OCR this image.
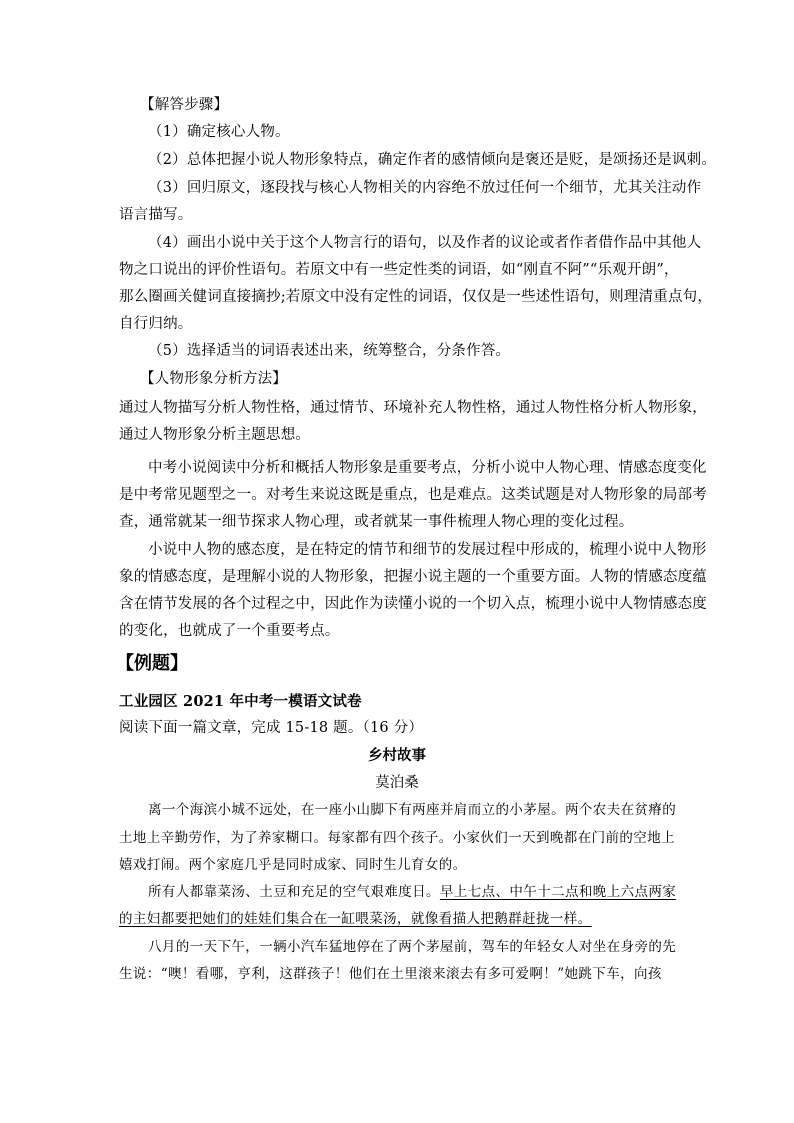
【解答步骤】
（1）确定核心人物。
（2）总体把握小说人物形象特点，确定作者的感情倾向是褒还是贬，是颂扬还是讽刺。
（3）回归原文，逐段找与核心人物相关的内容绝不放过任何一个细节，尤其关注动作
语言描写。
（4）画出小说中关于这个人物言行的语句，以及作者的议论或者作者借作品中其他人
物之口说出的评价性语句。若原文中有一些定性类的词语，如“刚直不阿”“乐观开朗”，
那么圈画关健词直接摘抄;若原文中没有定性的词语，仅仅是一些述性语句，则理清重点句，
自行归纳。
（5）选择适当的词语表述出来，统筹整合，分条作答。
【人物形象分析方法】
通过人物描写分析人物性格，通过情节、环境补充人物性格，通过人物性格分析人物形象，
通过人物形象分析主题思想。
中考小说阅读中分析和概括人物形象是重要考点，分析小说中人物心理、情感态度变化
是中考常见题型之一。对考生来说这既是重点，也是难点。这类试题是对人物形象的局部考
查，通常就某一细节探求人物心理，或者就某一事件梳理人物心理的变化过程。
小说中人物的感态度，是在特定的情节和细节的发展过程中形成的，梳理小说中人物形
象的情感态度，是理解小说的人物形象，把握小说主题的一个重要方面。人物的情感态度蕴
含在情节发展的各个过程之中，因此作为读懂小说的一个切入点，梳理小说中人物情感态度
的变化，也就成了一个重要考点。
【例题】
工业园区 2021 年中考一模语文试卷
阅读下面一篇文章，完成 15-18 题。（16 分）
乡村故事
莫泊桑
离一个海滨小城不远处，在一座小山脚下有两座并肩而立的小茅屋。两个农夫在贫瘠的
土地上辛勤劳作，为了养家糊口。每家都有四个孩子。小家伙们一天到晚都在门前的空地上
嬉戏打闹。两个家庭几乎是同时成家、同时生儿育女的。
所有人都靠菜汤、土豆和充足的空气艰难度日。早上七点、中午十二点和晚上六点两家
的主妇都要把她们的娃娃们集合在一缸喂菜汤，就像看描人把鹅群赶拢一样。
八月的一天下午，一辆小汽车猛地停在了两个茅屋前，驾车的年轻女人对坐在身旁的先
生说：“噢！看哪，亨利，这群孩子！他们在土里滚来滚去有多可爱啊！”她跳下车，向孩
